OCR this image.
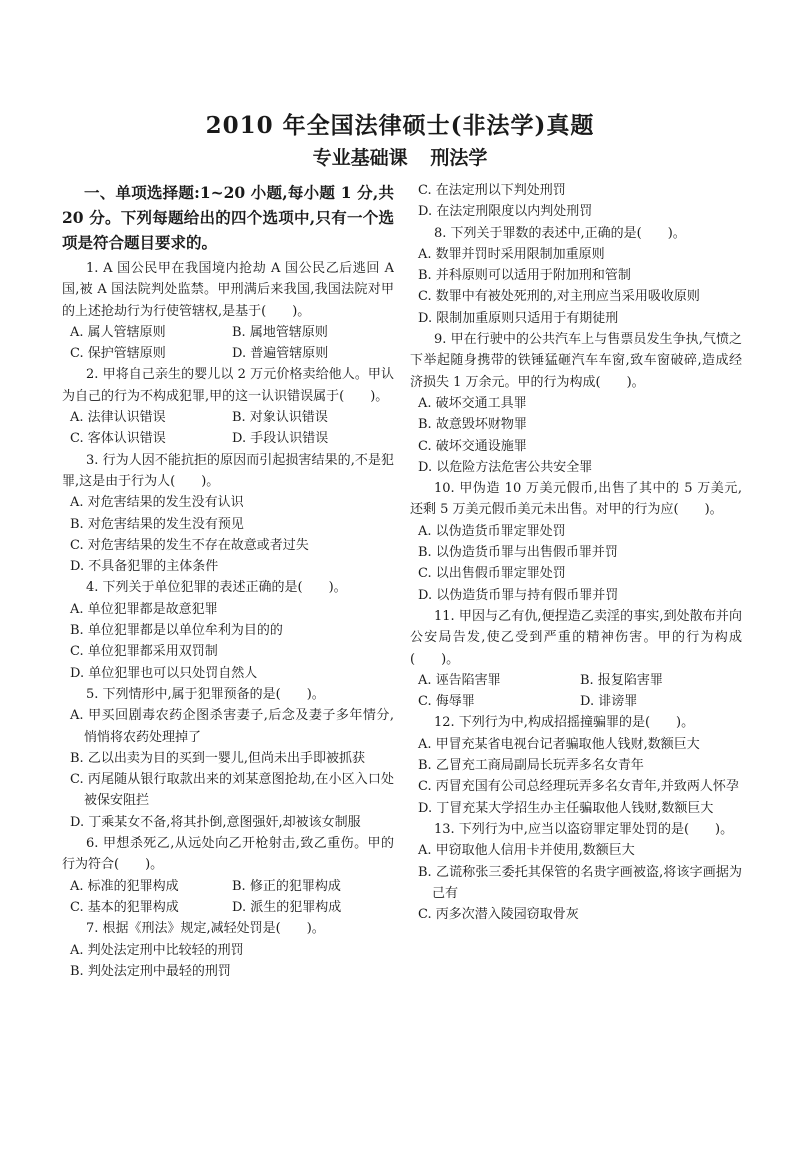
2010 年全国法律硕士(非法学)真题
专业基础课 刑法学

一、单项选择题:1~20 小题,每小题 1 分,共 20 分。下列每题给出的四个选项中,只有一个选项是符合题目要求的。

1. A 国公民甲在我国境内抢劫 A 国公民乙后逃回 A 国,被 A 国法院判处监禁。甲刑满后来我国,我国法院对甲的上述抢劫行为行使管辖权,是基于(　　)。

A. 属人管辖原则	B. 属地管辖原则
C. 保护管辖原则	D. 普遍管辖原则

2. 甲将自己亲生的婴儿以 2 万元价格卖给他人。甲认为自己的行为不构成犯罪,甲的这一认识错误属于(　　)。

A. 法律认识错误	B. 对象认识错误
C. 客体认识错误	D. 手段认识错误

3. 行为人因不能抗拒的原因而引起损害结果的,不是犯罪,这是由于行为人(　　)。

A. 对危害结果的发生没有认识

B. 对危害结果的发生没有预见

C. 对危害结果的发生不存在故意或者过失

D. 不具备犯罪的主体条件

4. 下列关于单位犯罪的表述正确的是(　　)。

A. 单位犯罪都是故意犯罪

B. 单位犯罪都是以单位牟利为目的的

C. 单位犯罪都采用双罚制

D. 单位犯罪也可以只处罚自然人

5. 下列情形中,属于犯罪预备的是(　　)。

A. 甲买回剧毒农药企图杀害妻子,后念及妻子多年情分,悄悄将农药处理掉了

B. 乙以出卖为目的买到一婴儿,但尚未出手即被抓获

C. 丙尾随从银行取款出来的刘某意图抢劫,在小区入口处被保安阻拦

D. 丁乘某女不备,将其扑倒,意图强奸,却被该女制服

6. 甲想杀死乙,从远处向乙开枪射击,致乙重伤。甲的行为符合(　　)。

A. 标准的犯罪构成	B. 修正的犯罪构成
C. 基本的犯罪构成	D. 派生的犯罪构成

7. 根据《刑法》规定,减轻处罚是(　　)。

A. 判处法定刑中比较轻的刑罚

B. 判处法定刑中最轻的刑罚

C. 在法定刑以下判处刑罚

D. 在法定刑限度以内判处刑罚

8. 下列关于罪数的表述中,正确的是(　　)。

A. 数罪并罚时采用限制加重原则

B. 并科原则可以适用于附加刑和管制

C. 数罪中有被处死刑的,对主刑应当采用吸收原则

D. 限制加重原则只适用于有期徒刑

9. 甲在行驶中的公共汽车上与售票员发生争执,气愤之下举起随身携带的铁锤猛砸汽车车窗,致车窗破碎,造成经济损失 1 万余元。甲的行为构成(　　)。

A. 破坏交通工具罪

B. 故意毁坏财物罪

C. 破坏交通设施罪

D. 以危险方法危害公共安全罪

10. 甲伪造 10 万美元假币,出售了其中的 5 万美元,还剩 5 万美元假币美元未出售。对甲的行为应(　　)。

A. 以伪造货币罪定罪处罚

B. 以伪造货币罪与出售假币罪并罚

C. 以出售假币罪定罪处罚

D. 以伪造货币罪与持有假币罪并罚

11. 甲因与乙有仇,便捏造乙卖淫的事实,到处散布并向公安局告发,使乙受到严重的精神伤害。甲的行为构成(　　)。

A. 诬告陷害罪	B. 报复陷害罪
C. 侮辱罪	D. 诽谤罪

12. 下列行为中,构成招摇撞骗罪的是(　　)。

A. 甲冒充某省电视台记者骗取他人钱财,数额巨大

B. 乙冒充工商局副局长玩弄多名女青年

C. 丙冒充国有公司总经理玩弄多名女青年,并致两人怀孕

D. 丁冒充某大学招生办主任骗取他人钱财,数额巨大

13. 下列行为中,应当以盗窃罪定罪处罚的是(　　)。

A. 甲窃取他人信用卡并使用,数额巨大

B. 乙谎称张三委托其保管的名贵字画被盗,将该字画据为己有

C. 丙多次潜入陵园窃取骨灰
